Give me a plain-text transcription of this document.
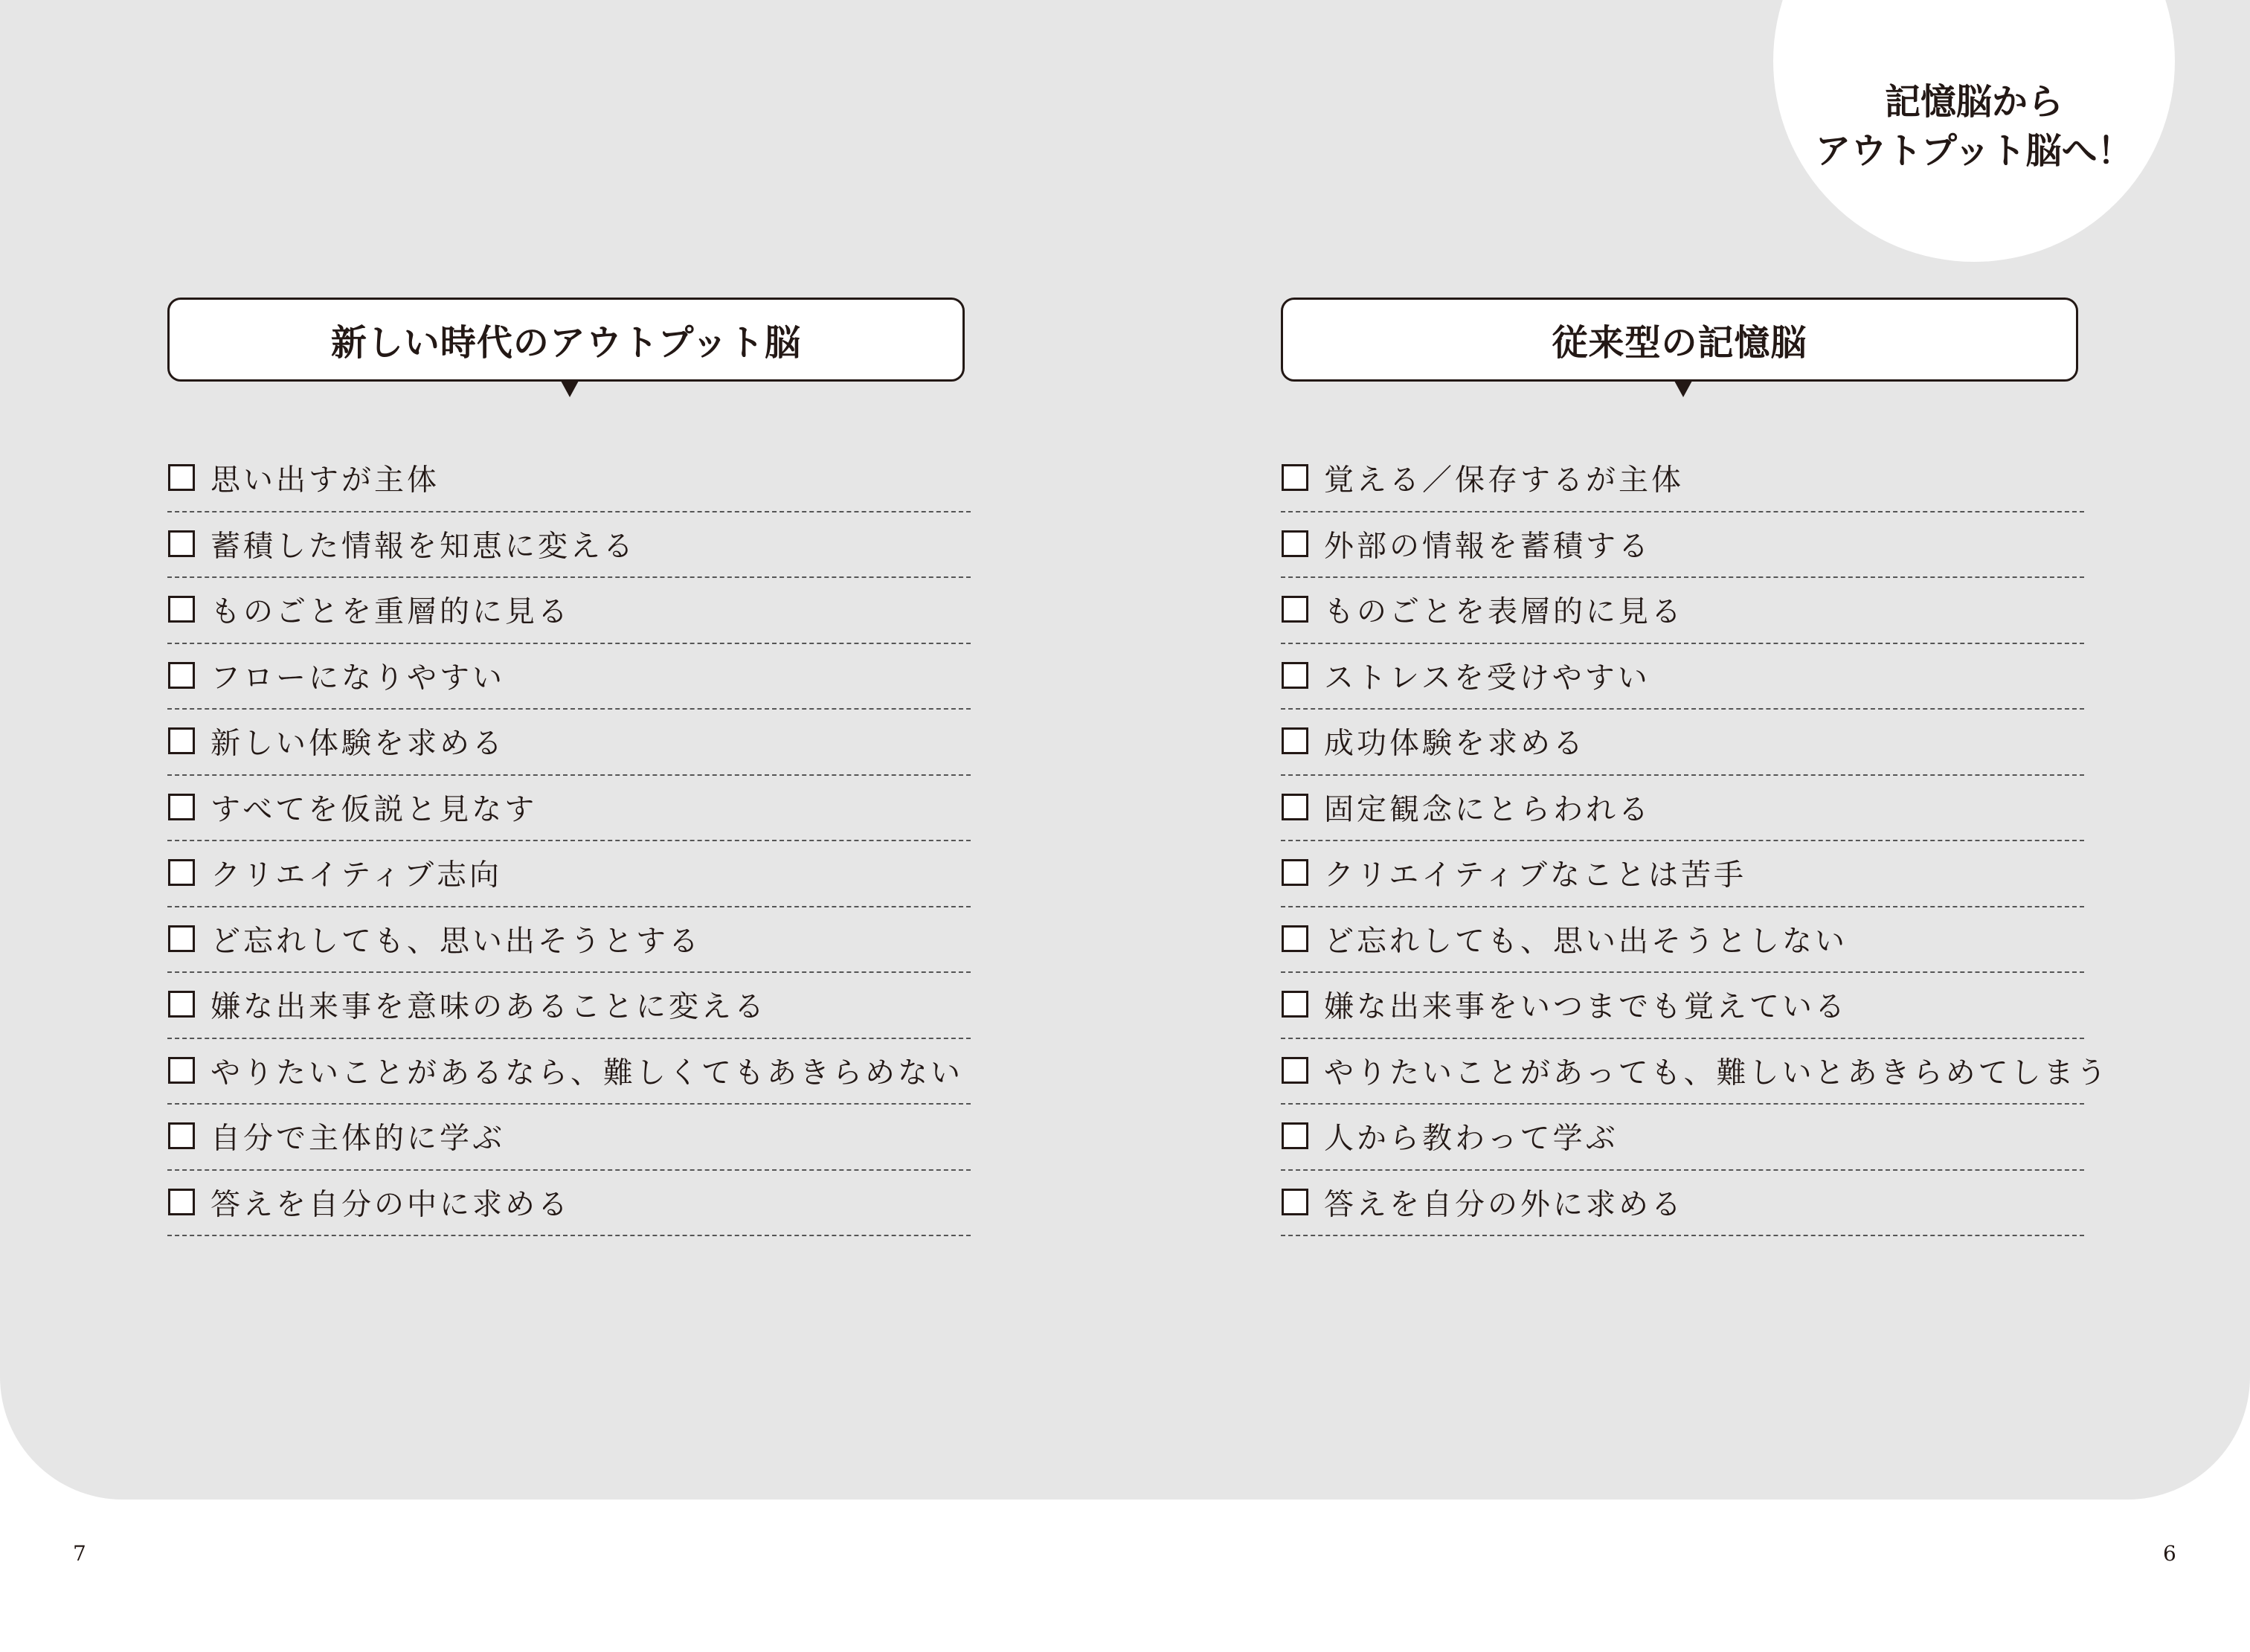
記憶脳から
アウトプット脳へ！
新しい時代のアウトプット脳
思い出すが主体
蓄積した情報を知恵に変える
ものごとを重層的に見る
フローになりやすい
新しい体験を求める
すべてを仮説と見なす
クリエイティブ志向
ど忘れしても、思い出そうとする
嫌な出来事を意味のあることに変える
やりたいことがあるなら、難しくてもあきらめない
自分で主体的に学ぶ
答えを自分の中に求める
従来型の記憶脳
覚える／保存するが主体
外部の情報を蓄積する
ものごとを表層的に見る
ストレスを受けやすい
成功体験を求める
固定観念にとらわれる
クリエイティブなことは苦手
ど忘れしても、思い出そうとしない
嫌な出来事をいつまでも覚えている
やりたいことがあっても、難しいとあきらめてしまう
人から教わって学ぶ
答えを自分の外に求める
7	6
